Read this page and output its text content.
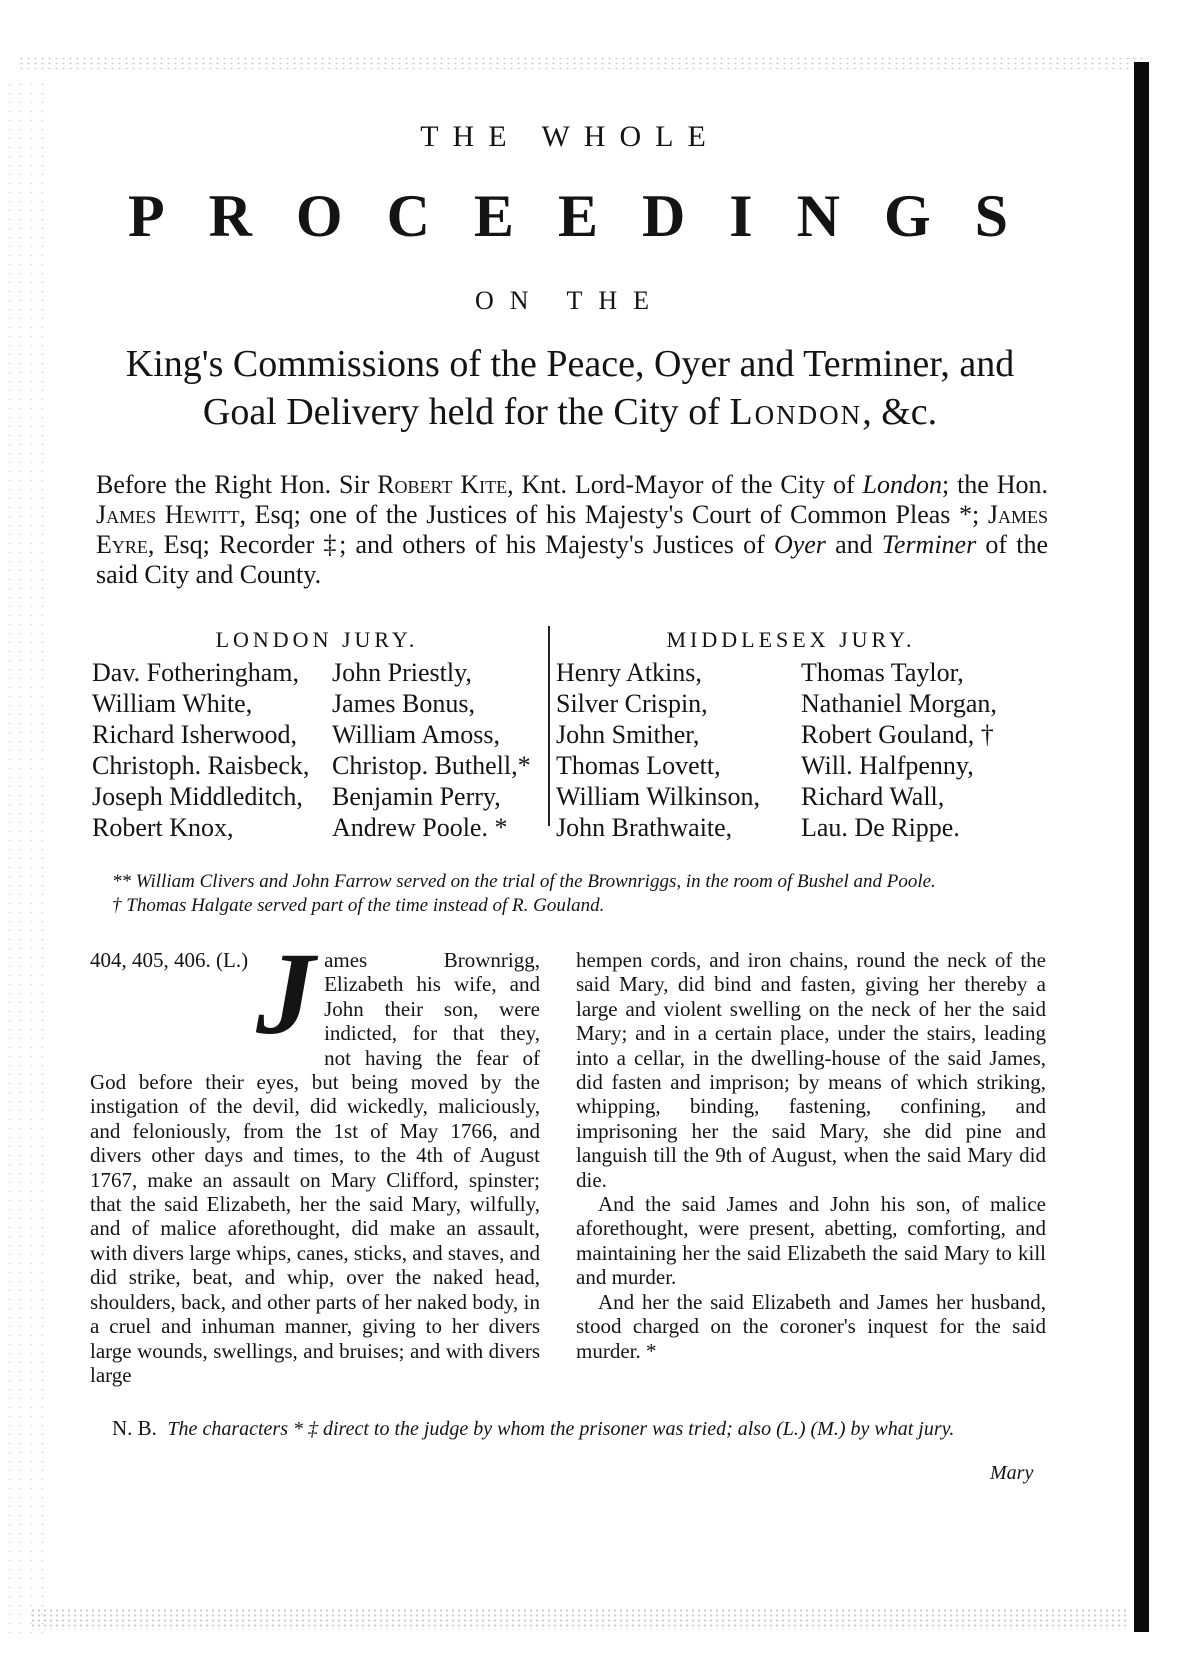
THE WHOLE
PROCEEDINGS
ON THE
King's Commissions of the Peace, Oyer and Terminer, and
Goal Delivery held for the City of London, &c.
Before the Right Hon. Sir Robert Kite, Knt. Lord-Mayor of the City of London; the Hon. James Hewitt, Esq; one of the Justices of his Majesty's Court of Common Pleas *; James Eyre, Esq; Recorder ‡; and others of his Majesty's Justices of Oyer and Terminer of the said City and County.
LONDON JURY.
Dav. Fotheringham,
William White,
Richard Isherwood,
Christoph. Raisbeck,
Joseph Middleditch,
Robert Knox,
John Priestly,
James Bonus,
William Amoss,
Christop. Buthell,*
Benjamin Perry,
Andrew Poole. *
MIDDLESEX JURY.
Henry Atkins,
Silver Crispin,
John Smither,
Thomas Lovett,
William Wilkinson,
John Brathwaite,
Thomas Taylor,
Nathaniel Morgan,
Robert Gouland, †
Will. Halfpenny,
Richard Wall,
Lau. De Rippe.
** William Clivers and John Farrow served on the trial of the Brownriggs, in the room of Bushel and Poole.
† Thomas Halgate served part of the time instead of R. Gouland.
404, 405, 406. (L.) J ames Brownrigg, Elizabeth his wife, and John their son, were indicted, for that they, not having the fear of God before their eyes, but being moved by the instigation of the devil, did wickedly, maliciously, and feloniously, from the 1st of May 1766, and divers other days and times, to the 4th of August 1767, make an assault on Mary Clifford, spinster; that the said Elizabeth, her the said Mary, wilfully, and of malice aforethought, did make an assault, with divers large whips, canes, sticks, and staves, and did strike, beat, and whip, over the naked head, shoulders, back, and other parts of her naked body, in a cruel and inhuman manner, giving to her divers large wounds, swellings, and bruises; and with divers large
hempen cords, and iron chains, round the neck of the said Mary, did bind and fasten, giving her thereby a large and violent swelling on the neck of her the said Mary; and in a certain place, under the stairs, leading into a cellar, in the dwelling-house of the said James, did fasten and imprison; by means of which striking, whipping, binding, fastening, confining, and imprisoning her the said Mary, she did pine and languish till the 9th of August, when the said Mary did die.
And the said James and John his son, of malice aforethought, were present, abetting, comforting, and maintaining her the said Elizabeth the said Mary to kill and murder.
And her the said Elizabeth and James her husband, stood charged on the coroner's inquest for the said murder. *
N. B. The characters * ‡ direct to the judge by whom the prisoner was tried; also (L.) (M.) by what jury.
Mary
